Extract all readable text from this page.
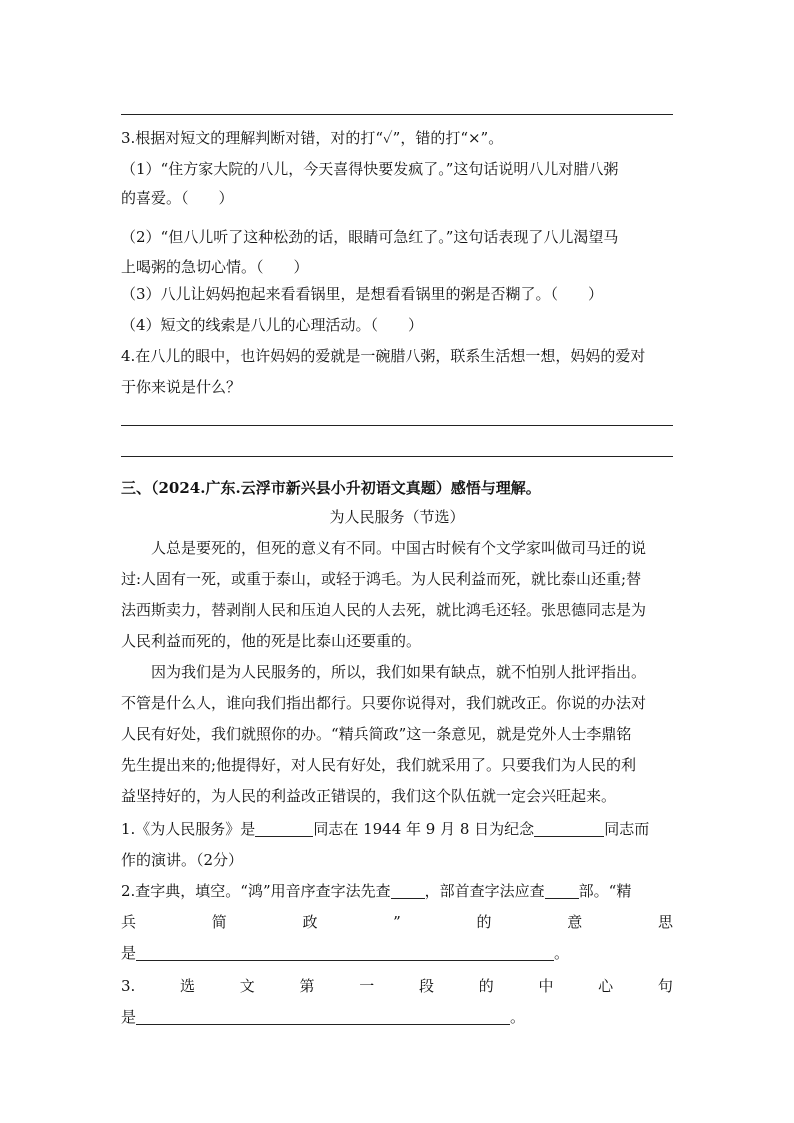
3.根据对短文的理解判断对错，对的打“✓”，错的打“×”。
（1）“住方家大院的八儿，今天喜得快要发疯了。”这句话说明八儿对腊八粥
的喜爱。（　　）
（2）“但八儿听了这种松劲的话，眼睛可急红了。”这句话表现了八儿渴望马
上喝粥的急切心情。（　　）
（3）八儿让妈妈抱起来看看锅里，是想看看锅里的粥是否糊了。（　　）
（4）短文的线索是八儿的心理活动。（　　）
4.在八儿的眼中，也许妈妈的爱就是一碗腊八粥，联系生活想一想，妈妈的爱对
于你来说是什么？
三、（2024.广东.云浮市新兴县小升初语文真题）感悟与理解。
为人民服务（节选）
人总是要死的，但死的意义有不同。中国古时候有个文学家叫做司马迁的说
过:人固有一死，或重于泰山，或轻于鸿毛。为人民利益而死，就比泰山还重;替
法西斯卖力，替剥削人民和压迫人民的人去死，就比鸿毛还轻。张思德同志是为
人民利益而死的，他的死是比泰山还要重的。
因为我们是为人民服务的，所以，我们如果有缺点，就不怕别人批评指出。
不管是什么人，谁向我们指出都行。只要你说得对，我们就改正。你说的办法对
人民有好处，我们就照你的办。“精兵简政”这一条意见，就是党外人士李鼎铭
先生提出来的;他提得好，对人民有好处，我们就采用了。只要我们为人民的利
益坚持好的，为人民的利益改正错误的，我们这个队伍就一定会兴旺起来。
1.《为人民服务》是	同志在 1944 年 9 月 8 日为纪念	同志而
作的演讲。（2分）
2.查字典，填空。“鸿”用音序查字法先查 ，部首查字法应查 部。“精
兵	简	政	”	的	意	思
是	。
3.	选	文	第	一	段	的	中	心	句
是	。
